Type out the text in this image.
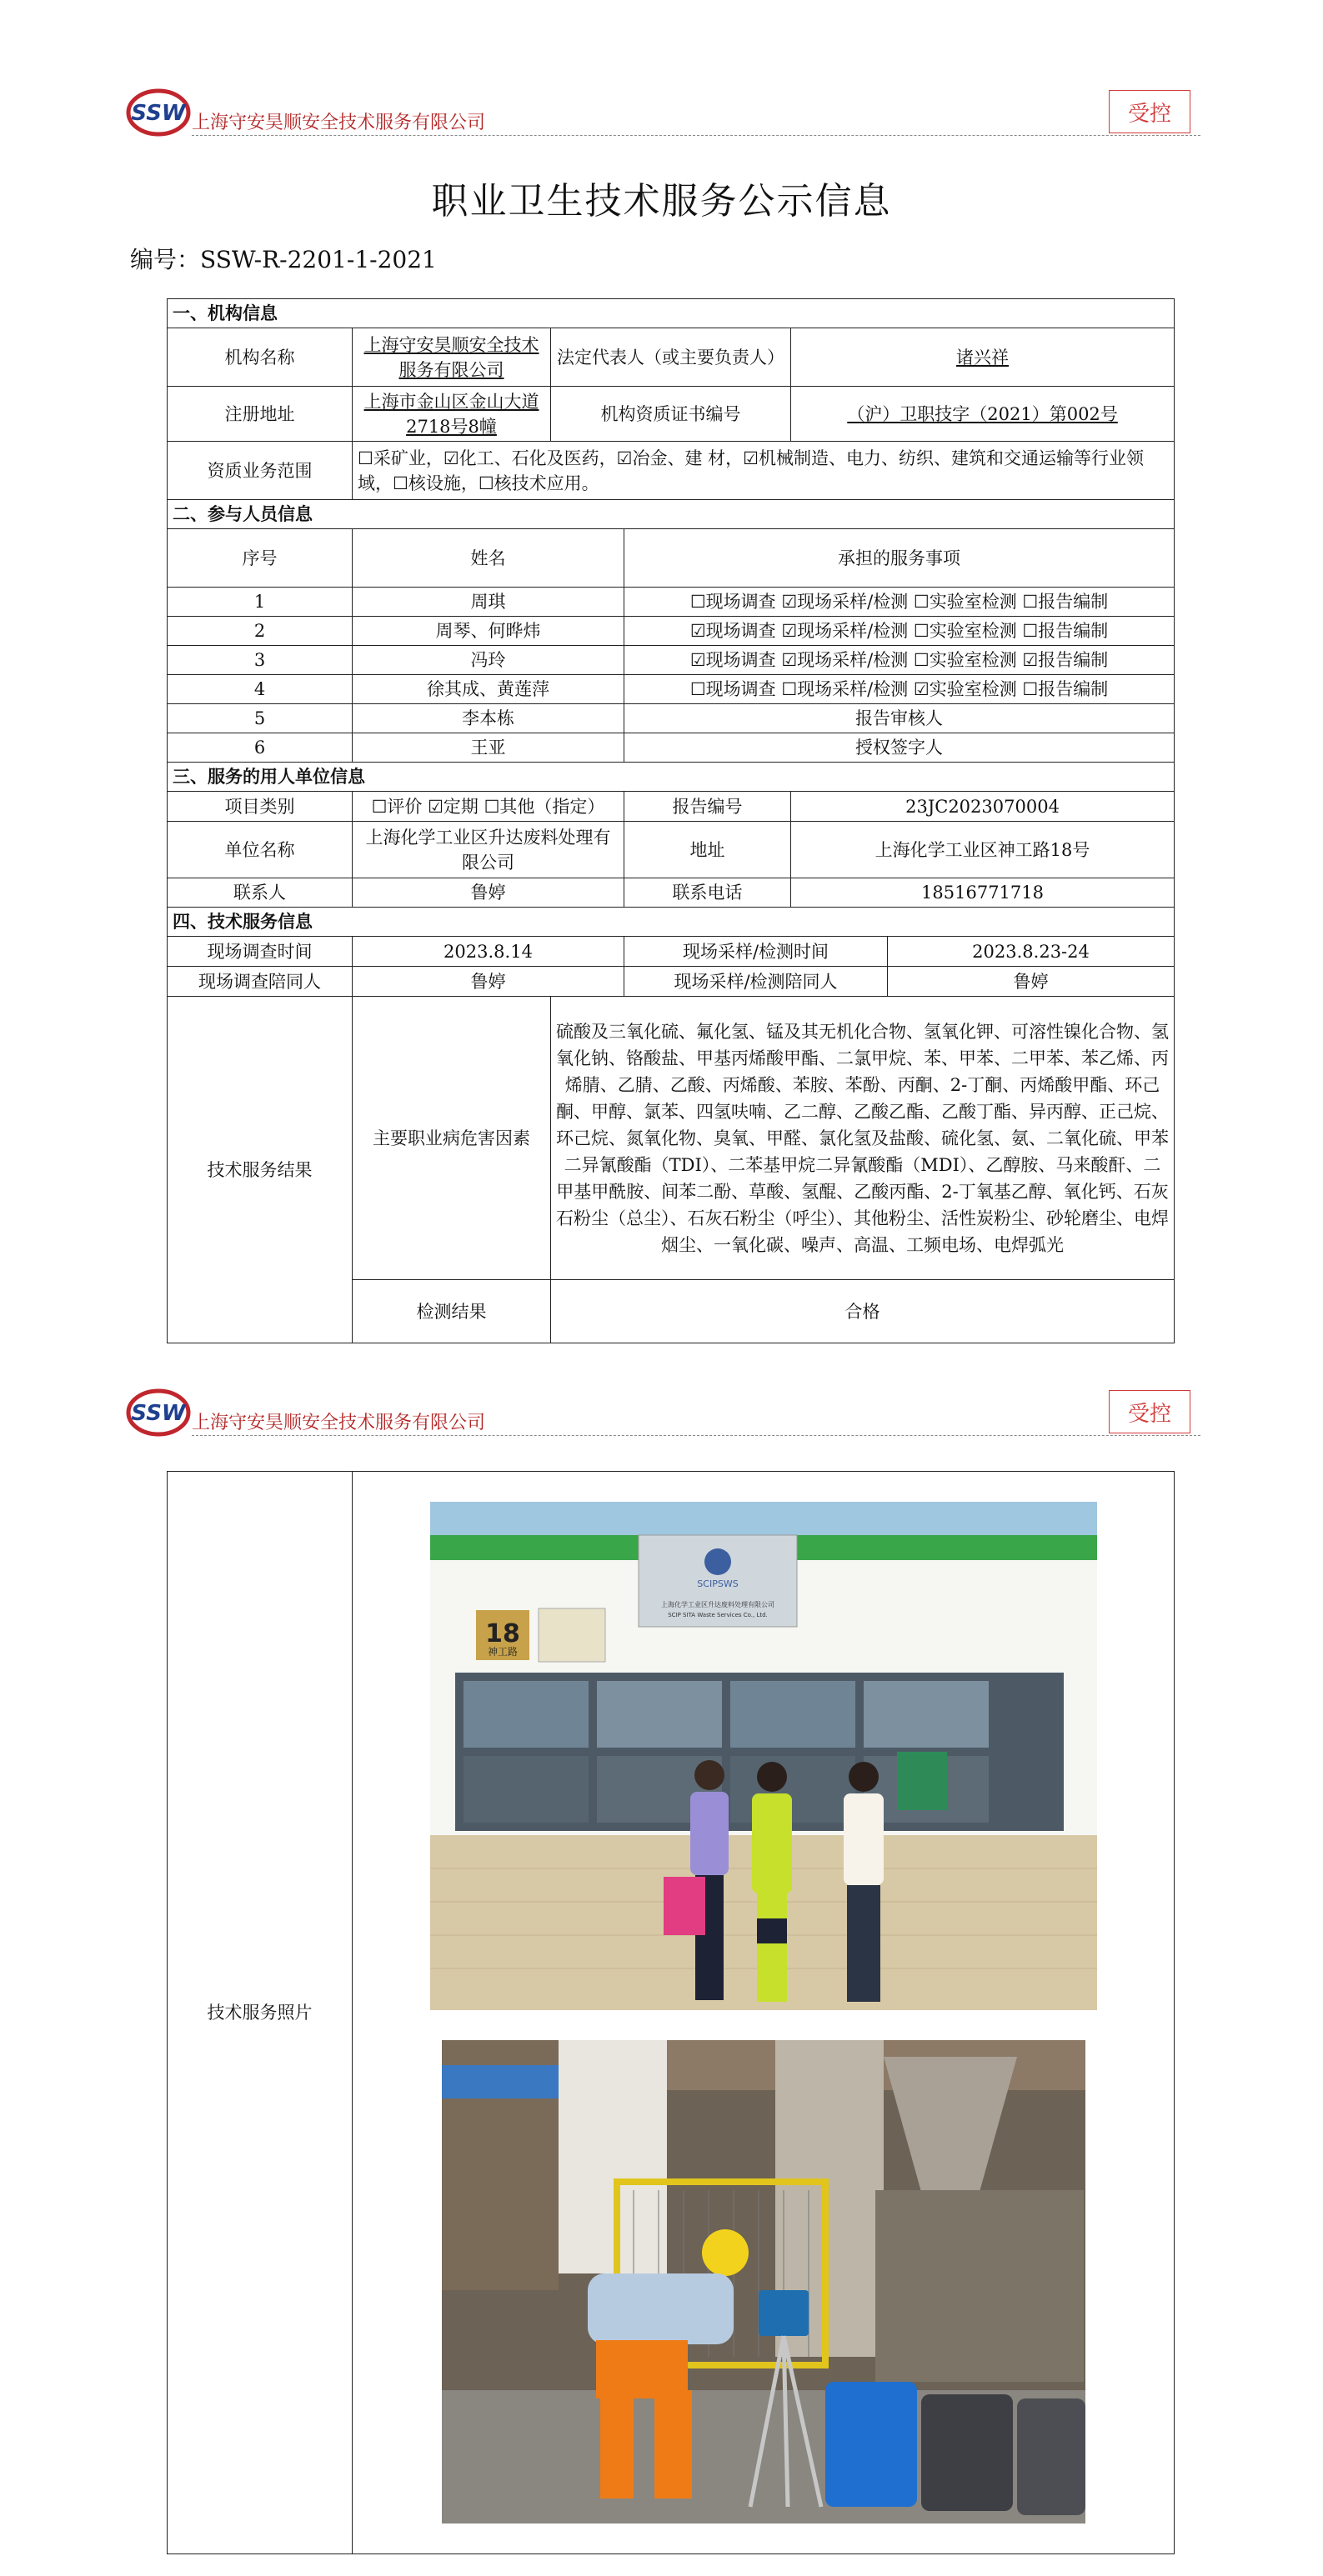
SSW 上海守安昊顺安全技术服务有限公司	受控
职业卫生技术服务公示信息
编号：SSW-R-2201-1-2021
一、机构信息					
机构名称	上海守安昊顺安全技术服务有限公司	法定代表人（或主要负责人）		诸兴祥	
注册地址	上海市金山区金山大道2718号8幢	机构资质证书编号		（沪）卫职技字（2021）第002号	
资质业务范围	☐采矿业，☑化工、石化及医药，☑冶金、建 材，☑机械制造、电力、纺织、建筑和交通运输等行业领域，☐核设施，☐核技术应用。				
二、参与人员信息					
序号	姓名		承担的服务事项		
1	周琪		☐现场调查 ☑现场采样/检测 ☐实验室检测 ☐报告编制		
2	周琴、何晔炜		☑现场调查 ☑现场采样/检测 ☐实验室检测 ☐报告编制		
3	冯玲		☑现场调查 ☑现场采样/检测 ☐实验室检测 ☑报告编制		
4	徐其成、黄莲萍		☐现场调查 ☐现场采样/检测 ☑实验室检测 ☐报告编制		
5	李本栋		报告审核人		
6	王亚		授权签字人		
三、服务的用人单位信息					
项目类别	☐评价 ☑定期 ☐其他（指定）		报告编号	23JC2023070004	
单位名称	上海化学工业区升达废料处理有限公司		地址	上海化学工业区神工路18号	
联系人	鲁婷		联系电话	18516771718	
四、技术服务信息					
现场调查时间	2023.8.14		现场采样/检测时间		2023.8.23-24
现场调查陪同人	鲁婷		现场采样/检测陪同人		鲁婷
技术服务结果	主要职业病危害因素	硫酸及三氧化硫、氟化氢、锰及其无机化合物、氢氧化钾、可溶性镍化合物、氢氧化钠、铬酸盐、甲基丙烯酸甲酯、二氯甲烷、苯、甲苯、二甲苯、苯乙烯、丙烯腈、乙腈、乙酸、丙烯酸、苯胺、苯酚、丙酮、2-丁酮、丙烯酸甲酯、环己酮、甲醇、氯苯、四氢呋喃、乙二醇、乙酸乙酯、乙酸丁酯、异丙醇、正己烷、环己烷、氮氧化物、臭氧、甲醛、氯化氢及盐酸、硫化氢、氨、二氧化硫、甲苯二异氰酸酯（TDI）、二苯基甲烷二异氰酸酯（MDI）、乙醇胺、马来酸酐、二甲基甲酰胺、间苯二酚、草酸、氢醌、乙酸丙酯、2-丁氧基乙醇、氧化钙、石灰石粉尘（总尘）、石灰石粉尘（呼尘）、其他粉尘、活性炭粉尘、砂轮磨尘、电焊烟尘、一氧化碳、噪声、高温、工频电场、电焊弧光			
	检测结果	合格			
SSW 上海守安昊顺安全技术服务有限公司	受控
技术服务照片	
SCIPSWS
上海化学工业区升达废料处理有限公司
SCIP SITA Waste Services Co., Ltd.
18
神工路
